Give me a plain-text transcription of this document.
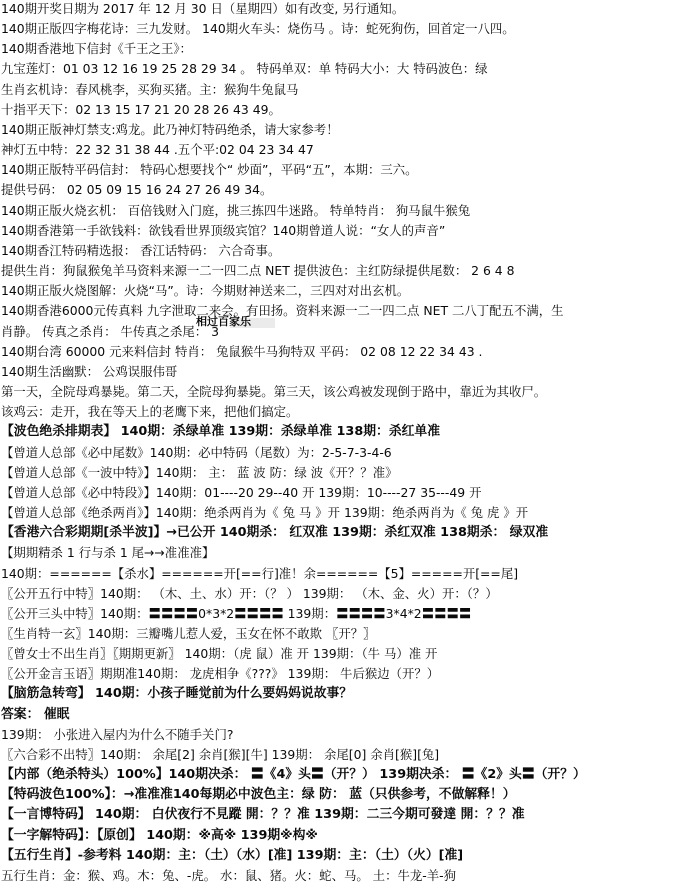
140期开奖日期为 2017 年 12 月 30 日（星期四）如有改变, 另行通知。
140期正版四字梅花诗：三九发财。 140期火车头：烧伤马 。诗：蛇死狗伤，回首定一八四。
140期香港地下信封《千王之王》：
九宝莲灯：01 03 12 16 19 25 28 29 34 。 特码单双：单 特码大小：大 特码波色：绿
生肖玄机诗：春风桃李，买狗买猪。主：猴狗牛兔鼠马
十指平天下：02 13 15 17 21 20 28 26 43 49。
140期正版神灯禁支:鸡龙。此乃神灯特码绝杀，请大家参考！
神灯五中特：22 32 31 38 44 .五个平:02 04 23 34 47
140期正版特平码信封： 特码心想要找个“ 炒面”，平码“五”，本期：三六。
提供号码： 02 05 09 15 16 24 27 26 49 34。
140期正版火烧玄机： 百倍钱财入门庭，挑三拣四牛迷路。 特单特肖： 狗马鼠牛猴兔
140期香港第一手欲钱料：欲钱看世界顶级宾馆？140期曾道人说：“女人的声音”
140期香江特码精选报： 香江话特码： 六合奇事。
提供生肖：狗鼠猴兔羊马资料来源一二一四二点 NET 提供波色：主红防绿提供尾数： 2 6 4 8
140期正版火烧图解：火烧“马”。诗：今期财神送来二，三四对对出玄机。
140期香港6000元传真料 九字泄取二来会。有田扬。资料来源一二一四二点 NET 二八丁配五不满，生
肖静。 传真之杀肖： 牛传真之杀尾： 3
140期台湾 60000 元来料信封 特肖： 兔鼠猴牛马狗特双 平码： 02 08 12 22 34 43 .
140期生活幽默： 公鸡误服伟哥
第一天，全院母鸡暴毙。第二天，全院母狗暴毙。第三天，该公鸡被发现倒于路中，靠近为其收尸。
该鸡云：走开，我在等天上的老鹰下来，把他们搞定。
【波色绝杀排期表】 140期：杀绿单准 139期：杀绿单准 138期：杀红单准
【曾道人总部《必中尾数》140期：必中特码（尾数）为：2-5-7-3-4-6
【曾道人总部《一波中特》】140期： 主： 蓝 波 防：绿 波《开？？准》
【曾道人总部《必中特段》】140期：01----20 29--40 开 139期：10----27 35---49 开
【曾道人总部《绝杀两肖》】140期：绝杀两肖为《 兔 马 》开 139期：绝杀两肖为《 兔 虎 》开
【香港六合彩期期[杀半波]】→已公开 140期杀： 红双准 139期：杀红双准 138期杀： 绿双准
【期期精杀 1 行与杀 1 尾→→准准准】
140期：======【杀水】======开[==行]准！余======【5】=====开[==尾]
〖公开五行中特〗140期： （木、土、水）开：（？ ） 139期： （木、金、火）开：（？）
〖公开三头中特〗140期：〓〓〓〓0*3*2〓〓〓〓 139期：〓〓〓〓3*4*2〓〓〓〓
〖生肖特一玄〗140期：三瓣嘴儿惹人爱，玉女在怀不敢欺 〖开？〗
〖曾女士不出生肖〗〖期期更新〗 140期：（虎 鼠）准 开 139期：（牛 马）准 开
〖公开金言玉语〗期期准140期： 龙虎相争《???》 139期： 牛后猴边（开？）
【脑筋急转弯】 140期：小孩子睡觉前为什么要妈妈说故事？
答案： 催眠
139期： 小张进入屋内为什么不随手关门?
〖六合彩不出特〗140期： 余尾[2] 余肖[猴][牛] 139期： 余尾[0] 余肖[猴][兔]
【内部（绝杀特头）100%】140期决杀： 〓《4》头〓（开？） 139期决杀： 〓《2》头〓（开？）
【特码波色100%】：→准准准140每期必中波色主：绿 防： 蓝（只供参考，不做解释！）
【一言博特码】 140期： 白伏夜行不見蹤 開：？？准 139期：二三今期可發達 開：？？准
【一字解特码】：【原创】 140期：※高※ 139期※构※
【五行生肖】-参考料 140期：主：（土）（水）[准] 139期：主：（土）（火）[准]
五行生肖：金：猴、鸡。木：兔、-虎。 水：鼠、猪。火：蛇、马。 土：牛龙-羊-狗
相过百家乐
